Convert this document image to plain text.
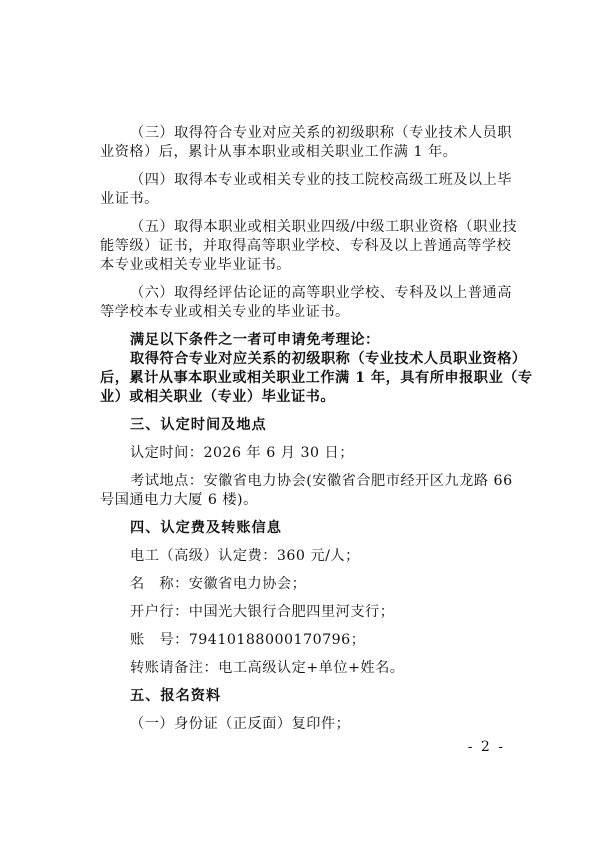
（三）取得符合专业对应关系的初级职称（专业技术人员职
业资格）后，累计从事本职业或相关职业工作满 1 年。
（四）取得本专业或相关专业的技工院校高级工班及以上毕
业证书。
（五）取得本职业或相关职业四级/中级工职业资格（职业技
能等级）证书，并取得高等职业学校、专科及以上普通高等学校
本专业或相关专业毕业证书。
（六）取得经评估论证的高等职业学校、专科及以上普通高
等学校本专业或相关专业的毕业证书。
满足以下条件之一者可申请免考理论：
取得符合专业对应关系的初级职称（专业技术人员职业资格）
后，累计从事本职业或相关职业工作满 1 年，具有所申报职业（专
业）或相关职业（专业）毕业证书。
三、认定时间及地点
认定时间：2026 年 6 月 30 日；
考试地点：安徽省电力协会(安徽省合肥市经开区九龙路 66
号国通电力大厦 6 楼)。
四、认定费及转账信息
电工（高级）认定费：360 元/人；
名　称：安徽省电力协会；
开户行：中国光大银行合肥四里河支行；
账　号：79410188000170796；
转账请备注：电工高级认定+单位+姓名。
五、报名资料
（一）身份证（正反面）复印件；
- 2 -
